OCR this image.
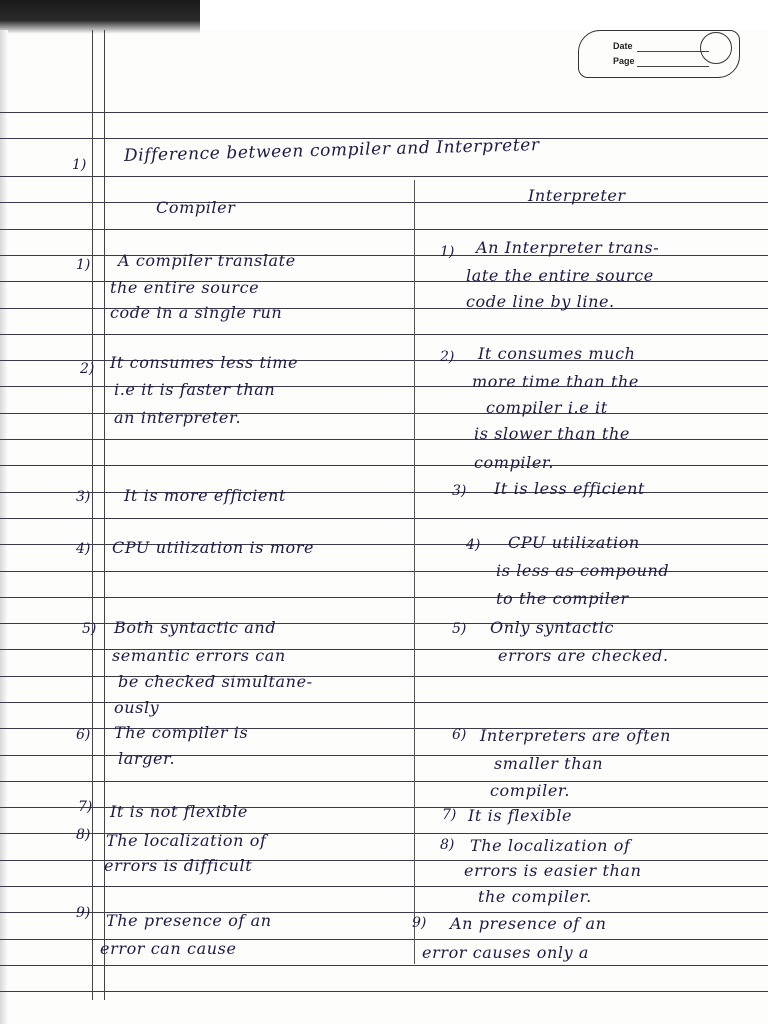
Date
Page
1) Difference between compiler and Interpreter
Compiler
Interpreter
1) A compiler translate
the entire source
code in a single run
1) An Interpreter trans-
late the entire source
code line by line.
2) It consumes less time
i.e it is faster than
an interpreter.
2) It consumes much
more time than the
compiler i.e it
is slower than the
compiler.
3) It is more efficient	3) It is less efficient
4) CPU utilization is more	4) CPU utilization
is less as compound
to the compiler
5) Both syntactic and
semantic errors can
be checked simultane-
ously
5) Only syntactic
errors are checked.
6) The compiler is
larger.
6) Interpreters are often
smaller than
compiler.
7) It is not flexible	7) It is flexible
8) The localization of
errors is difficult
8) The localization of
errors is easier than
the compiler.
9) The presence of an
error can cause
9) An presence of an
error causes only a
